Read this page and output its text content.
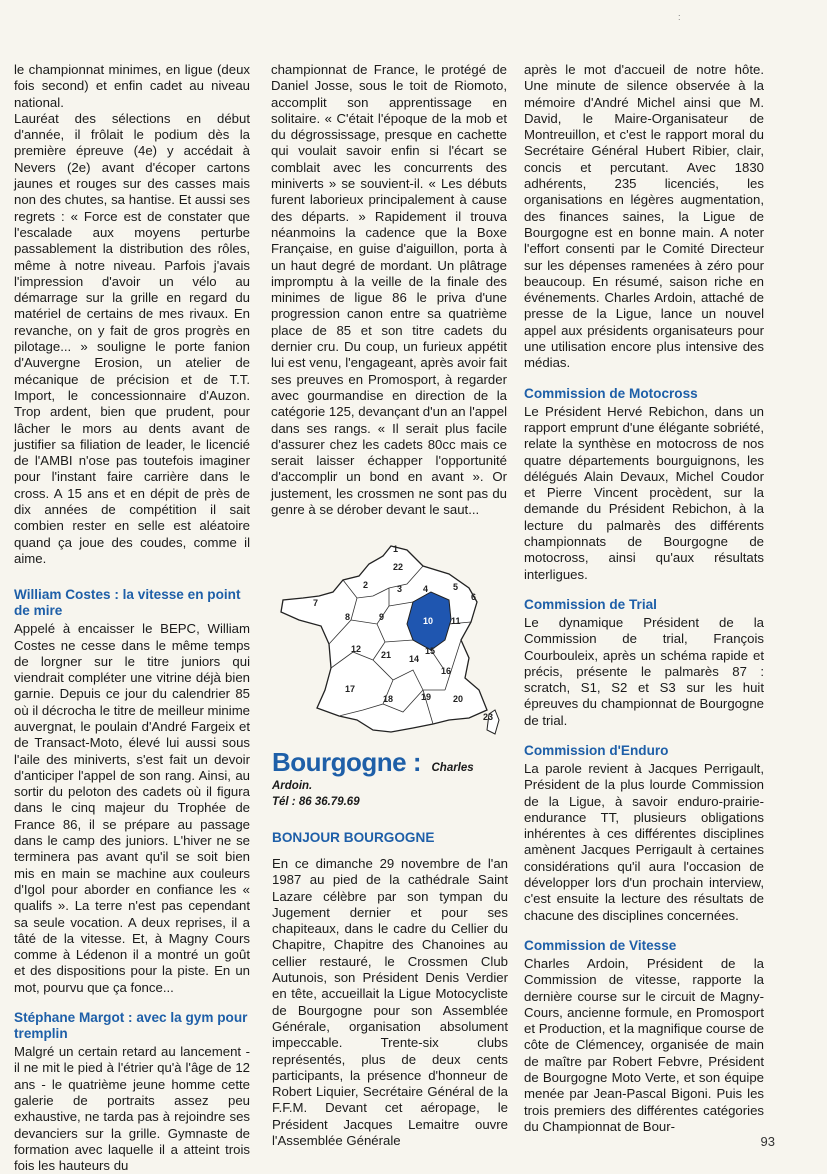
:

le championnat minimes, en ligue (deux fois second) et enfin cadet au niveau national.

Lauréat des sélections en début d'année, il frôlait le podium dès la première épreuve (4e) y accédait à Nevers (2e) avant d'écoper cartons jaunes et rouges sur des casses mais non des chutes, sa hantise. Et aussi ses regrets : « Force est de constater que l'escalade aux moyens perturbe passablement la distribution des rôles, même à notre niveau. Parfois j'avais l'impression d'avoir un vélo au démarrage sur la grille en regard du matériel de certains de mes rivaux. En revanche, on y fait de gros progrès en pilotage... » souligne le porte fanion d'Auvergne Erosion, un atelier de mécanique de précision et de T.T. Import, le concessionnaire d'Auzon. Trop ardent, bien que prudent, pour lâcher le mors au dents avant de justifier sa filiation de leader, le licencié de l'AMBI n'ose pas toutefois imaginer pour l'instant faire carrière dans le cross. A 15 ans et en dépit de près de dix années de compétition il sait combien rester en selle est aléatoire quand ça joue des coudes, comme il aime.

William Costes : la vitesse en point de mire

Appelé à encaisser le BEPC, William Costes ne cesse dans le même temps de lorgner sur le titre juniors qui viendrait compléter une vitrine déjà bien garnie. Depuis ce jour du calendrier 85 où il décrocha le titre de meilleur minime auvergnat, le poulain d'André Fargeix et de Transact-Moto, élevé lui aussi sous l'aile des miniverts, s'est fait un devoir d'anticiper l'appel de son rang. Ainsi, au sortir du peloton des cadets où il figura dans le cinq majeur du Trophée de France 86, il se prépare au passage dans le camp des juniors. L'hiver ne se terminera pas avant qu'il se soit bien mis en main se machine aux couleurs d'Igol pour aborder en confiance les « qualifs ». La terre n'est pas cependant sa seule vocation. A deux reprises, il a tâté de la vitesse. Et, à Magny Cours comme à Lédenon il a montré un goût et des dispositions pour la piste. En un mot, pourvu que ça fonce...

Stéphane Margot : avec la gym pour tremplin

Malgré un certain retard au lancement - il ne mit le pied à l'étrier qu'à l'âge de 12 ans - le quatrième jeune homme cette galerie de portraits assez peu exhaustive, ne tarda pas à rejoindre ses devanciers sur la grille. Gymnaste de formation avec laquelle il a atteint trois fois les hauteurs du

championnat de France, le protégé de Daniel Josse, sous le toit de Riomoto, accomplit son apprentissage en solitaire. « C'était l'époque de la mob et du dégrossissage, presque en cachette qui voulait savoir enfin si l'écart se comblait avec les concurrents des miniverts » se souvient-il. « Les débuts furent laborieux principalement à cause des départs. » Rapidement il trouva néanmoins la cadence que la Boxe Française, en guise d'aiguillon, porta à un haut degré de mordant. Un plâtrage impromptu à la veille de la finale des minimes de ligue 86 le priva d'une progression canon entre sa quatrième place de 85 et son titre cadets du dernier cru. Du coup, un furieux appétit lui est venu, l'engageant, après avoir fait ses preuves en Promosport, à regarder avec gourmandise en direction de la catégorie 125, devançant d'un an l'appel dans ses rangs. « Il serait plus facile d'assurer chez les cadets 80cc mais ce serait laisser échapper l'opportunité d'accomplir un bond en avant ». Or justement, les crossmen ne sont pas du genre à se dérober devant le saut...

1
2	3 4	5
6
7
8	9	10 11
12
14
15
16
17
18	19 20
21
22
23
Bourgogne : Charles Ardoin.
Tél : 86 36.79.69
BONJOUR BOURGOGNE

En ce dimanche 29 novembre de l'an 1987 au pied de la cathédrale Saint Lazare célèbre par son tympan du Jugement dernier et pour ses chapiteaux, dans le cadre du Cellier du Chapitre, Chapitre des Chanoines au cellier restauré, le Crossmen Club Autunois, son Président Denis Verdier en tête, accueillait la Ligue Motocycliste de Bourgogne pour son Assemblée Générale, organisation absolument impeccable. Trente-six clubs représentés, plus de deux cents participants, la présence d'honneur de Robert Liquier, Secrétaire Général de la F.F.M. Devant cet aéropage, le Président Jacques Lemaitre ouvre l'Assemblée Générale

après le mot d'accueil de notre hôte. Une minute de silence observée à la mémoire d'André Michel ainsi que M. David, le Maire-Organisateur de Montreuillon, et c'est le rapport moral du Secrétaire Général Hubert Ribier, clair, concis et percutant. Avec 1830 adhérents, 235 licenciés, les organisations en légères augmentation, des finances saines, la Ligue de Bourgogne est en bonne main. A noter l'effort consenti par le Comité Directeur sur les dépenses ramenées à zéro pour beaucoup. En résumé, saison riche en événements. Charles Ardoin, attaché de presse de la Ligue, lance un nouvel appel aux présidents organisateurs pour une utilisation encore plus intensive des médias.

Commission de Motocross

Le Président Hervé Rebichon, dans un rapport emprunt d'une élégante sobriété, relate la synthèse en motocross de nos quatre départements bourguignons, les délégués Alain Devaux, Michel Coudor et Pierre Vincent procèdent, sur la demande du Président Rebichon, à la lecture du palmarès des différents championnats de Bourgogne de motocross, ainsi qu'aux résultats interligues.

Commission de Trial

Le dynamique Président de la Commission de trial, François Courbouleix, après un schéma rapide et précis, présente le palmarès 87 : scratch, S1, S2 et S3 sur les huit épreuves du championnat de Bourgogne de trial.

Commission d'Enduro

La parole revient à Jacques Perrigault, Président de la plus lourde Commission de la Ligue, à savoir enduro-prairie- endurance TT, plusieurs obligations inhérentes à ces différentes disciplines amènent Jacques Perrigault à certaines considérations qu'il aura l'occasion de développer lors d'un prochain interview, c'est ensuite la lecture des résultats de chacune des disciplines concernées.

Commission de Vitesse

Charles Ardoin, Président de la Commission de vitesse, rapporte la dernière course sur le circuit de Magny-Cours, ancienne formule, en Promosport et Production, et la magnifique course de côte de Clémencey, organisée de main de maître par Robert Febvre, Président de Bourgogne Moto Verte, et son équipe menée par Jean-Pascal Bigoni. Puis les trois premiers des différentes catégories du Championnat de Bour-

93
